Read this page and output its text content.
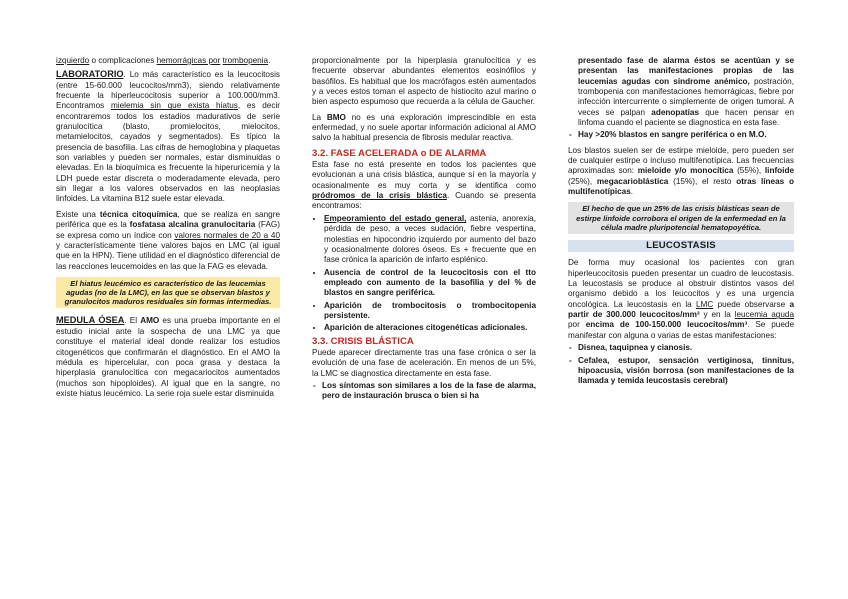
izquierdo o complicaciones hemorrágicas por trombopenia.

LABORATORIO. Lo más característico es la leucocitosis (entre 15-60.000 leucocitos/mm3), siendo relativamente frecuente la hiperleucocitosis superior a 100.000/mm3. Encontramos mielemia sin que exista hiatus, es decir encontraremos todos los estadios madurativos de serie granulocítica (blasto, promielocitos, mielocitos, metamielocitos, cayados y segmentados). Es típico la presencia de basofilia. Las cifras de hemoglobina y plaquetas son variables y pueden ser normales, estar disminuidas o elevadas. En la bioquímica es frecuente la hiperuricemia y la LDH puede estar discreta o moderadamente elevada, pero sin llegar a los valores observados en las neoplasias linfoides. La vitamina B12 suele estar elevada.

Existe una técnica citoquímica, que se realiza en sangre periférica que es la fosfatasa alcalina granulocitaria (FAG) se expresa como un índice con valores normales de 20 a 40 y característicamente tiene valores bajos en LMC (al igual que en la HPN). Tiene utilidad en el diagnóstico diferencial de las reacciones leucemoides en las que la FAG es elevada.

El hiatus leucémico es característico de las leucemias agudas (no de la LMC), en las que se observan blastos y granulocitos maduros residuales sin formas intermedias.

MEDULA ÓSEA. El AMO es una prueba importante en el estudio inicial ante la sospecha de una LMC ya que constituye el material ideal donde realizar los estudios citogenéticos que confirmarán el diagnóstico. En el AMO la médula es hipercelular, con poca grasa y destaca la hiperplasia granulocítica con megacariocitos aumentados (muchos son hipoploides). Al igual que en la sangre, no existe hiatus leucémico. La serie roja suele estar disminuida

proporcionalmente por la hiperplasia granulocítica y es frecuente observar abundantes elementos eosinófilos y basófilos. Es habitual que los macrófagos estén aumentados y a veces estos toman el aspecto de histiocito azul marino o bien aspecto espumoso que recuerda a la célula de Gaucher.

La BMO no es una exploración imprescindible en esta enfermedad, y no suele aportar información adicional al AMO salvo la habitual presencia de fibrosis medular reactiva.

3.2. FASE ACELERADA o DE ALARMA

Esta fase no está presente en todos los pacientes que evolucionan a una crisis blástica, aunque sí en la mayoría y ocasionalmente es muy corta y se identifica como pródromos de la crisis blástica. Cuando se presenta encontramos:

• Empeoramiento del estado general, astenia, anorexia, pérdida de peso, a veces sudación, fiebre vespertina, molestias en hipocondrio izquierdo por aumento del bazo y ocasionalmente dolores óseos. Es + frecuente que en fase crónica la aparición de infarto esplénico.
• Ausencia de control de la leucocitosis con el tto empleado con aumento de la basofilia y del % de blastos en sangre periférica.
• Aparición de trombocitosis o trombocitopenia persistente.
• Aparición de alteraciones citogenéticas adicionales.
3.3. CRISIS BLÁSTICA

Puede aparecer directamente tras una fase crónica o ser la evolución de una fase de aceleración. En menos de un 5%, la LMC se diagnostica directamente en esta fase.

- Los síntomas son similares a los de la fase de alarma, pero de instauración brusca o bien si ha

presentado fase de alarma éstos se acentúan y se presentan las manifestaciones propias de las leucemias agudas con síndrome anémico, postración, trombopenia con manifestaciones hemorrágicas, fiebre por infección intercurrente o simplemente de origen tumoral. A veces se palpan adenopatías que hacen pensar en linfoma cuando el paciente se diagnostica en esta fase.

- Hay >20% blastos en sangre periférica o en M.O.

Los blastos suelen ser de estirpe mieloide, pero pueden ser de cualquier estirpe o incluso multifenotípica. Las frecuencias aproximadas son: mieloide y/o monocítica (55%), linfoide (25%), megacarioblástica (15%), el resto otras líneas o multifenotípicas.

El hecho de que un 25% de las crisis blásticas sean de estirpe linfoide corrobora el origen de la enfermedad en la célula madre pluripotencial hematopoyética.
LEUCOSTASIS

De forma muy ocasional los pacientes con gran hiperleucocitosis pueden presentar un cuadro de leucostasis. La leucostasis se produce al obstruir distintos vasos del organismo debido a los leucocitos y es una urgencia oncológica. La leucostasis en la LMC puede observarse a partir de 300.000 leucocitos/mm³ y en la leucemia aguda por encima de 100-150.000 leucocitos/mm³. Se puede manifestar con alguna o varias de estas manifestaciones:

- Disnea, taquipnea y cianosis.
- Cefalea, estupor, sensación vertiginosa, tinnitus, hipoacusia, visión borrosa (son manifestaciones de la llamada y temida leucostasis cerebral)
